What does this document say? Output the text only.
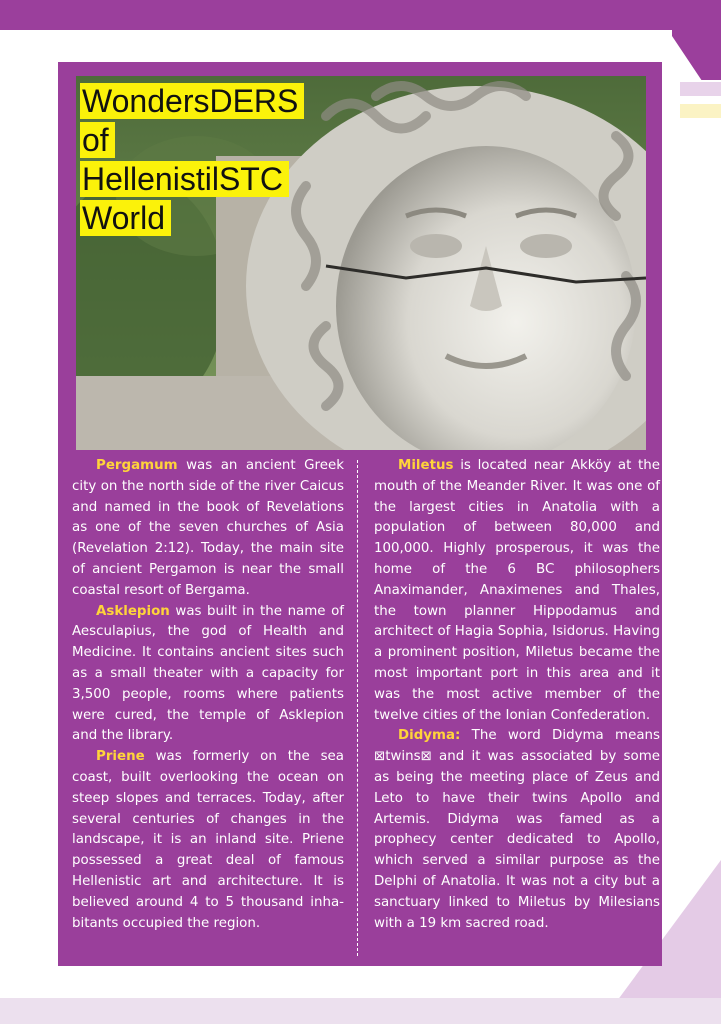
WondersDERS
of
HellenistilSTC
World

Pergamum was an ancient Greek city on the north side of the river Caicus and named in the book of Revelations as one of the seven churches of Asia (Revelation 2:12). Today, the main site of ancient Pergamon is near the small coastal resort of Bergama.

Asklepion was built in the name of Aesculapius, the god of Health and Medicine. It contains ancient sites such as a small theater with a capacity for 3,500 people, rooms where patients were cured, the temple of Asklepion and the library.

Priene was formerly on the sea coast, built overlooking the ocean on steep slopes and terraces. Today, after several centuries of changes in the landscape, it is an inland site. Priene possessed a great deal of famous Hellenistic art and architecture. It is believed around 4 to 5 thousand inhabitants occupied the region.

Miletus is located near Akköy at the mouth of the Meander River. It was one of the largest cities in Anatolia with a population of between 80,000 and 100,000. Highly prosperous, it was the home of the 6 BC philosophers Anaximander, Anaximenes and Thales, the town planner Hippodamus and architect of Hagia Sophia, Isidorus. Having a prominent position, Miletus became the most important port in this area and it was the most active member of the twelve cities of the Ionian Confederation.

Didyma: The word Didyma means ⊠twins⊠ and it was associated by some as being the meeting place of Zeus and Leto to have their twins Apollo and Artemis. Didyma was famed as a prophecy center dedicated to Apollo, which served a similar purpose as the Delphi of Anatolia. It was not a city but a sanctuary linked to Miletus by Milesians with a 19 km sacred road.
